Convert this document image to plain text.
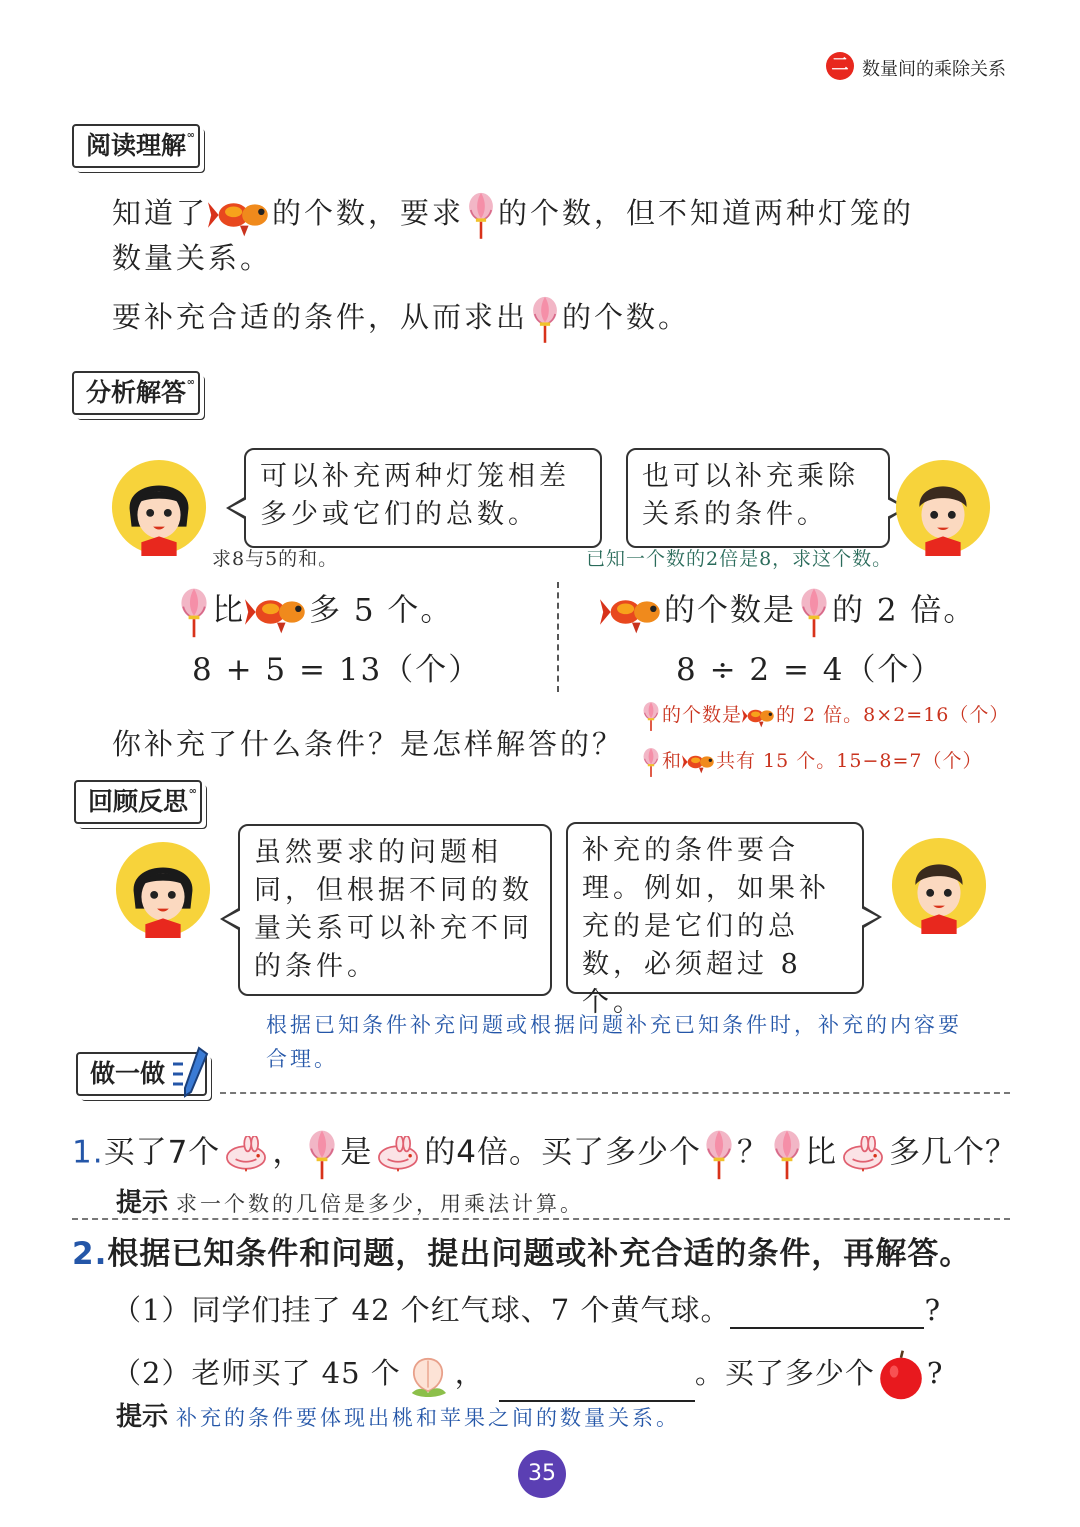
二 数量间的乘除关系
阅读理解 ∞
知道了 的个数，要求 的个数，但不知道两种灯笼的
数量关系。
要补充合适的条件，从而求出 的个数。
分析解答 ∞
可以补充两种灯笼相差多少或它们的总数。
也可以补充乘除关系的条件。
求8与5的和。	已知一个数的2倍是8，求这个数。
比 多 5 个。
8 + 5 = 13（个）
的个数是 的 2 倍。
8 ÷ 2 = 4（个）
你补充了什么条件？是怎样解答的？
的个数是 的 2 倍。8×2=16（个）
和 共有 15 个。15−8=7（个）
回顾反思 ∞
虽然要求的问题相同，但根据不同的数量关系可以补充不同的条件。
补充的条件要合理。例如，如果补充的是它们的总数，必须超过 8 个。
根据已知条件补充问题或根据问题补充已知条件时，补充的内容要合理。
做一做
1.买了7个 ， 是 的4倍。买了多少个 ？ 比 多几个？
提示 求一个数的几倍是多少，用乘法计算。
2.根据已知条件和问题，提出问题或补充合适的条件，再解答。
（1）同学们挂了 42 个红气球、7 个黄气球。	?
（2）老师买了 45 个 ，	。买了多少个 ?
提示 补充的条件要体现出桃和苹果之间的数量关系。
35
